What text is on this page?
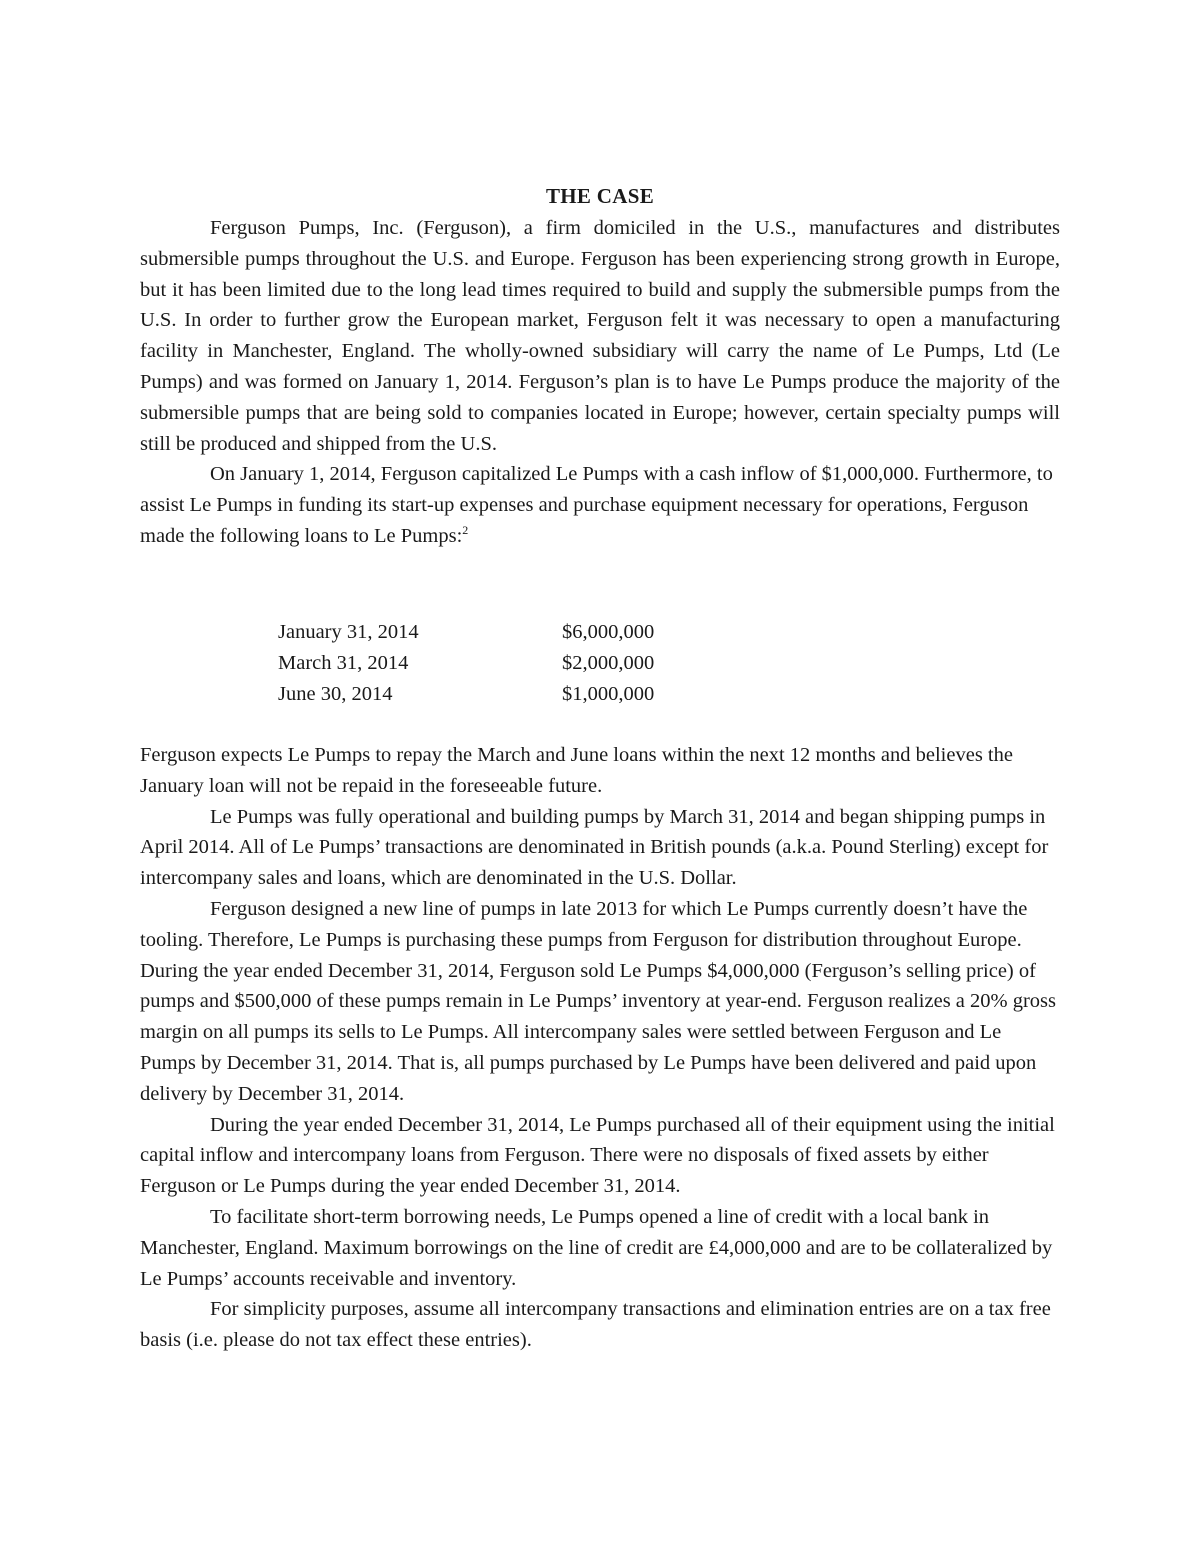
THE CASE

Ferguson Pumps, Inc. (Ferguson), a firm domiciled in the U.S., manufactures and distributes submersible pumps throughout the U.S. and Europe. Ferguson has been experiencing strong growth in Europe, but it has been limited due to the long lead times required to build and supply the submersible pumps from the U.S. In order to further grow the European market, Ferguson felt it was necessary to open a manufacturing facility in Manchester, England. The wholly-owned subsidiary will carry the name of Le Pumps, Ltd (Le Pumps) and was formed on January 1, 2014. Ferguson’s plan is to have Le Pumps produce the majority of the submersible pumps that are being sold to companies located in Europe; however, certain specialty pumps will still be produced and shipped from the U.S.

On January 1, 2014, Ferguson capitalized Le Pumps with a cash inflow of $1,000,000. Furthermore, to assist Le Pumps in funding its start-up expenses and purchase equipment necessary for operations, Ferguson made the following loans to Le Pumps:$^2$

January 31, 2014	$6,000,000
March 31, 2014	$2,000,000
June 30, 2014	$1,000,000

Ferguson expects Le Pumps to repay the March and June loans within the next 12 months and believes the January loan will not be repaid in the foreseeable future.

Le Pumps was fully operational and building pumps by March 31, 2014 and began shipping pumps in April 2014. All of Le Pumps’ transactions are denominated in British pounds (a.k.a. Pound Sterling) except for intercompany sales and loans, which are denominated in the U.S. Dollar.

Ferguson designed a new line of pumps in late 2013 for which Le Pumps currently doesn’t have the tooling. Therefore, Le Pumps is purchasing these pumps from Ferguson for distribution throughout Europe. During the year ended December 31, 2014, Ferguson sold Le Pumps $4,000,000 (Ferguson’s selling price) of pumps and $500,000 of these pumps remain in Le Pumps’ inventory at year-end. Ferguson realizes a 20% gross margin on all pumps its sells to Le Pumps. All intercompany sales were settled between Ferguson and Le Pumps by December 31, 2014. That is, all pumps purchased by Le Pumps have been delivered and paid upon delivery by December 31, 2014.

During the year ended December 31, 2014, Le Pumps purchased all of their equipment using the initial capital inflow and intercompany loans from Ferguson. There were no disposals of fixed assets by either Ferguson or Le Pumps during the year ended December 31, 2014.

To facilitate short-term borrowing needs, Le Pumps opened a line of credit with a local bank in Manchester, England. Maximum borrowings on the line of credit are £4,000,000 and are to be collateralized by Le Pumps’ accounts receivable and inventory.

For simplicity purposes, assume all intercompany transactions and elimination entries are on a tax free basis (i.e. please do not tax effect these entries).
